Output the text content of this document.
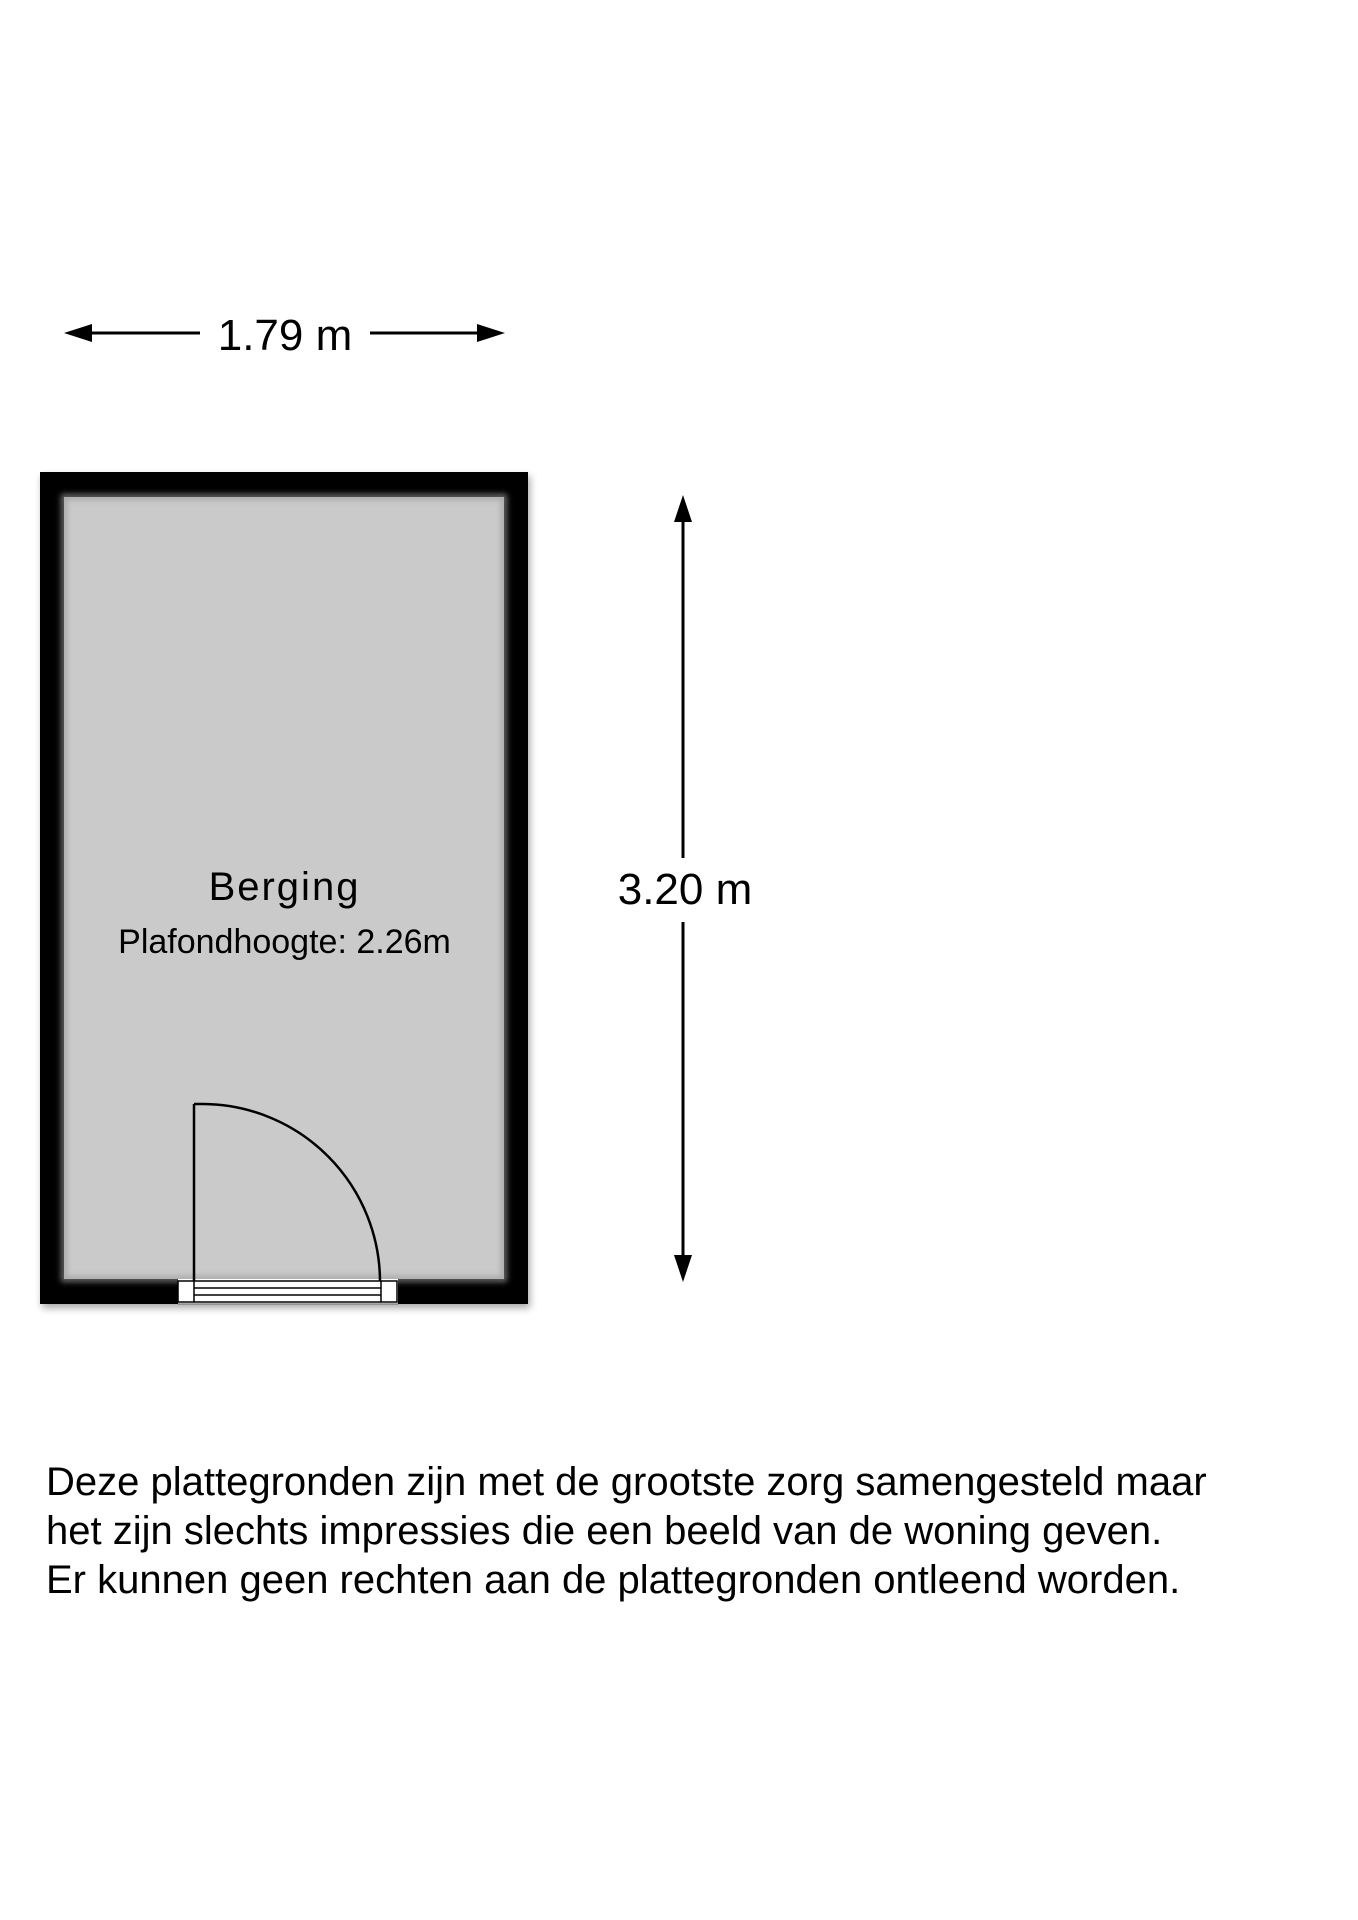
1.79 m
3.20 m
Berging
Plafondhoogte: 2.26m
Deze plattegronden zijn met de grootste zorg samengesteld maar
het zijn slechts impressies die een beeld van de woning geven.
Er kunnen geen rechten aan de plattegronden ontleend worden.
